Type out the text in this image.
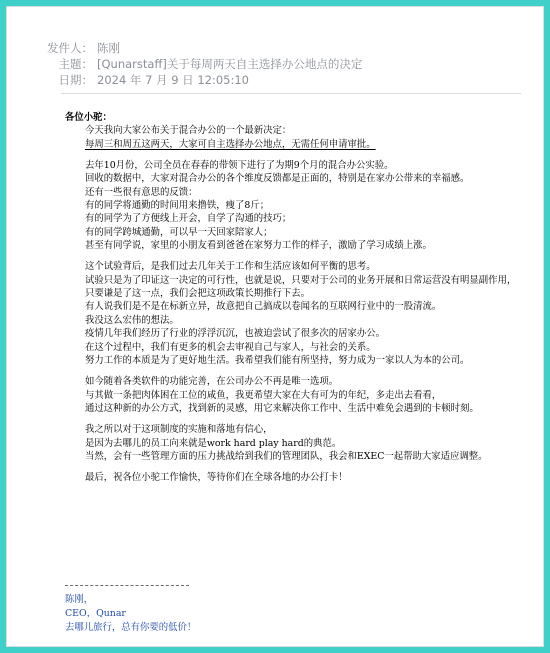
发件人： 陈刚
主题： [Qunarstaff]关于每周两天自主选择办公地点的决定
日期： 2024 年 7 月 9 日 12:05:10
各位小驼：
今天我向大家公布关于混合办公的一个最新决定：
每周三和周五这两天，大家可自主选择办公地点，无需任何申请审批。
去年10月份，公司全员在春春的带领下进行了为期9个月的混合办公实验。
回收的数据中，大家对混合办公的各个维度反馈都是正面的，特别是在家办公带来的幸福感。
还有一些很有意思的反馈：
有的同学将通勤的时间用来撸铁，瘦了8斤；
有的同学为了方便线上开会，自学了沟通的技巧；
有的同学跨城通勤，可以早一天回家陪家人；
甚至有同学说，家里的小朋友看到爸爸在家努力工作的样子，激励了学习成绩上涨。
这个试验背后，是我们过去几年关于工作和生活应该如何平衡的思考。
试验只是为了印证这一决定的可行性，也就是说，只要对于公司的业务开展和日常运营没有明显副作用，只要谦是了这一点，我们会把这项政策长期推行下去。
有人说我们是不是在标新立异，故意把自己搞成以卷闻名的互联网行业中的一股清流。
我没这么宏伟的想法。
疫情几年我们经历了行业的浮浮沉沉，也被迫尝试了很多次的居家办公。
在这个过程中，我们有更多的机会去审视自己与家人，与社会的关系。
努力工作的本质是为了更好地生活。我希望我们能有所坚持，努力成为一家以人为本的公司。
如今随着各类软件的功能完善，在公司办公不再是唯一选项。
与其做一条把肉体困在工位的咸鱼，我更希望大家在大有可为的年纪，多走出去看看，
通过这种新的办公方式，找到新的灵感，用它来解决你工作中、生活中难免会遇到的卡顿时刻。
我之所以对于这项制度的实施和落地有信心，
是因为去哪儿的员工向来就是work hard play hard的典范。
当然，会有一些管理方面的压力挑战给到我们的管理团队，我会和EXEC一起帮助大家适应调整。
最后，祝各位小驼工作愉快，等待你们在全球各地的办公打卡！
陈刚，
CEO，Qunar
去哪儿旅行，总有你要的低价！
